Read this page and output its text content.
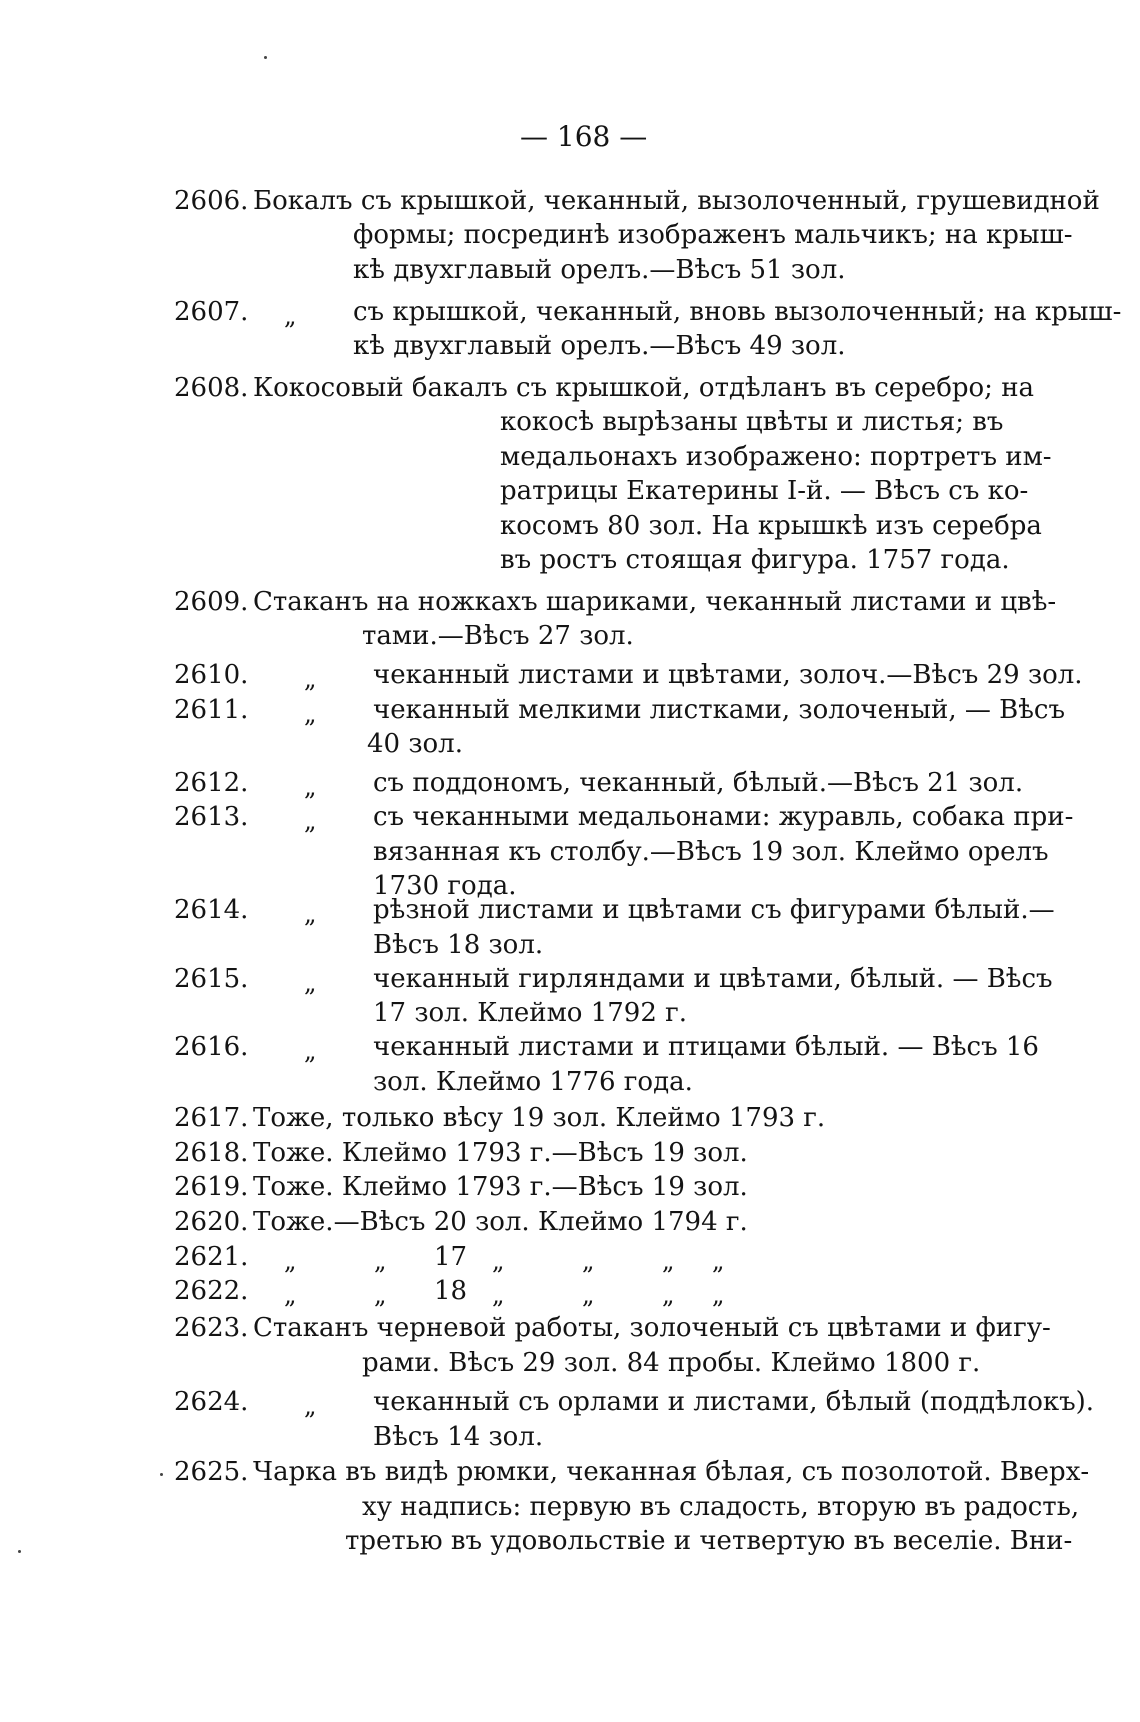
— 168 —
2606. Бокалъ съ крышкой, чеканный, вызолоченный, грушевидной
формы; посрединѣ изображенъ мальчикъ; на крыш-
кѣ двухглавый орелъ.—Вѣсъ 51 зол.
2607. „ съ крышкой, чеканный, вновь вызолоченный; на крыш-
кѣ двухглавый орелъ.—Вѣсъ 49 зол.
2608. Кокосовый бакалъ съ крышкой, отдѣланъ въ серебро; на
кокосѣ вырѣзаны цвѣты и листья; въ
медальонахъ изображено: портретъ им-
ратрицы Екатерины I-й. — Вѣсъ съ ко-
косомъ 80 зол. На крышкѣ изъ серебра
въ ростъ стоящая фигура. 1757 года.
2609. Стаканъ на ножкахъ шариками, чеканный листами и цвѣ-
тами.—Вѣсъ 27 зол.
2610. „ чеканный листами и цвѣтами, золоч.—Вѣсъ 29 зол.
2611. „ чеканный мелкими листками, золоченый, — Вѣсъ
40 зол.
2612. „ съ поддономъ, чеканный, бѣлый.—Вѣсъ 21 зол.
2613. „ съ чеканными медальонами: журавль, собака при-
вязанная къ столбу.—Вѣсъ 19 зол. Клеймо орелъ
1730 года.
2614. „ рѣзной листами и цвѣтами съ фигурами бѣлый.—
Вѣсъ 18 зол.
2615. „ чеканный гирляндами и цвѣтами, бѣлый. — Вѣсъ
17 зол. Клеймо 1792 г.
2616. „ чеканный листами и птицами бѣлый. — Вѣсъ 16
зол. Клеймо 1776 года.
2617. Тоже, только вѣсу 19 зол. Клеймо 1793 г.
2618. Тоже. Клеймо 1793 г.—Вѣсъ 19 зол.
2619. Тоже. Клеймо 1793 г.—Вѣсъ 19 зол.
2620. Тоже.—Вѣсъ 20 зол. Клеймо 1794 г.
2621. „	„ 17 „	„	„ „
2622. „	„ 18 „	„	„ „
2623. Стаканъ черневой работы, золоченый съ цвѣтами и фигу-
рами. Вѣсъ 29 зол. 84 пробы. Клеймо 1800 г.
2624. „ чеканный съ орлами и листами, бѣлый (поддѣлокъ).
Вѣсъ 14 зол.
2625. Чарка въ видѣ рюмки, чеканная бѣлая, съ позолотой. Вверх-
ху надпись: первую въ сладость, вторую въ радость,
третью въ удовольствіе и четвертую въ веселіе. Вни-
